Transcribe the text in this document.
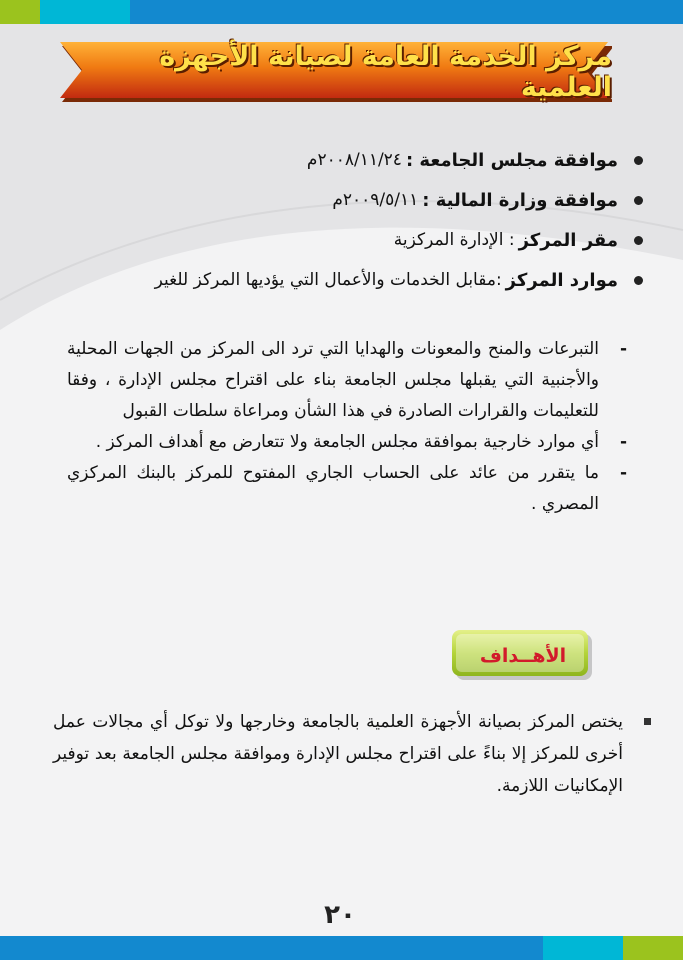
مركز الخدمة العامة لصيانة الأجهزة العلمية
موافقة مجلس الجامعة :
٢٠٠٨/١١/٢٤م
موافقة وزارة المالية :
٢٠٠٩/٥/١١م
مقر المركز
: الإدارة المركزية
موارد المركز
:مقابل الخدمات والأعمال التي يؤديها المركز للغير
-
التبرعات والمنح والمعونات والهدايا التي ترد الى المركز من الجهات المحلية والأجنبية التي يقبلها مجلس الجامعة بناء على اقتراح مجلس الإدارة ، وفقا للتعليمات والقرارات الصادرة في هذا الشأن ومراعاة سلطات القبول
-
أي موارد خارجية بموافقة مجلس الجامعة ولا تتعارض مع أهداف المركز .
-
ما يتقرر من عائد على الحساب الجاري المفتوح للمركز بالبنك المركزي المصري .
الأهــداف
يختص المركز بصيانة الأجهزة العلمية بالجامعة وخارجها ولا توكل أي مجالات عمل أخرى للمركز إلا بناءً على اقتراح مجلس الإدارة وموافقة مجلس الجامعة بعد توفير الإمكانيات اللازمة.
٢٠
